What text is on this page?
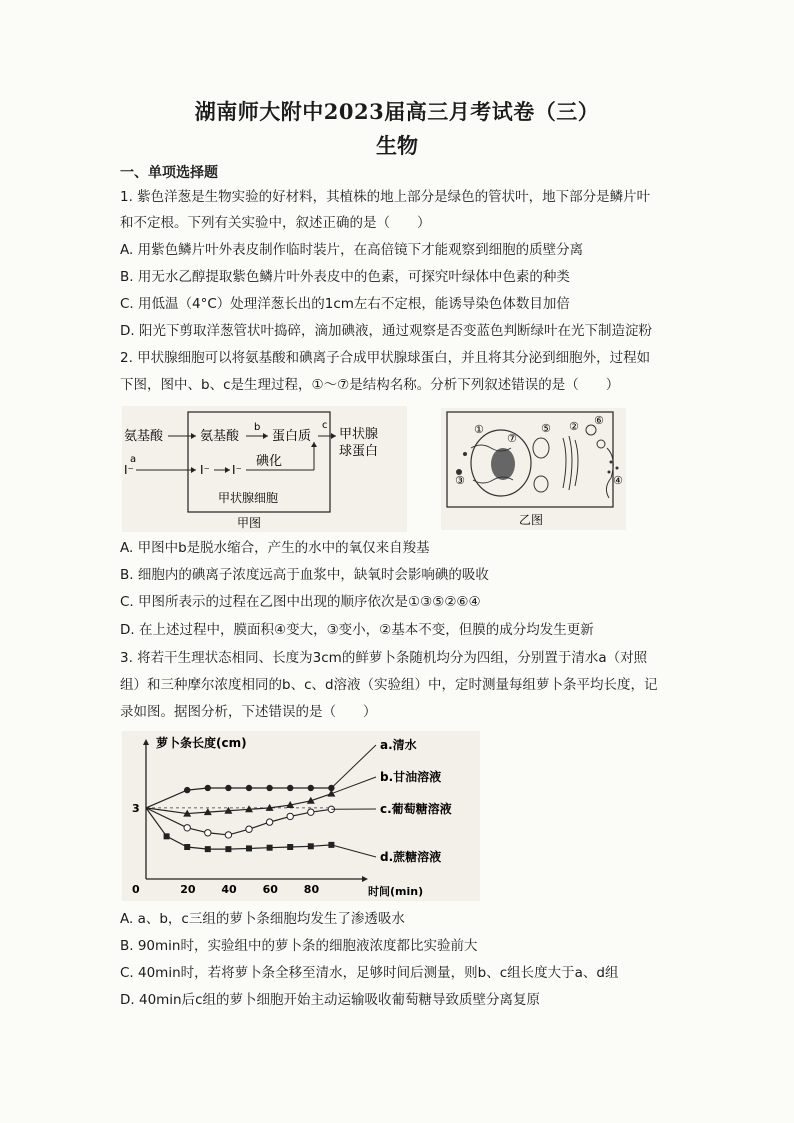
湖南师大附中2023届高三月考试卷（三）
生物
一、单项选择题
1. 紫色洋葱是生物实验的好材料，其植株的地上部分是绿色的管状叶，地下部分是鳞片叶
和不定根。下列有关实验中，叙述正确的是（　　）
A. 用紫色鳞片叶外表皮制作临时装片，在高倍镜下才能观察到细胞的质壁分离
B. 用无水乙醇提取紫色鳞片叶外表皮中的色素，可探究叶绿体中色素的种类
C. 用低温（4°C）处理洋葱长出的1cm左右不定根，能诱导染色体数目加倍
D. 阳光下剪取洋葱管状叶捣碎，滴加碘液，通过观察是否变蓝色判断绿叶在光下制造淀粉
2. 甲状腺细胞可以将氨基酸和碘离子合成甲状腺球蛋白，并且将其分泌到细胞外，过程如
下图，图中、b、c是生理过程，①～⑦是结构名称。分析下列叙述错误的是（　　）
氨基酸	氨基酸
b
蛋白质
c
甲状腺
球蛋白
I⁻
a
I⁻ I⁻
碘化
甲状腺细胞
甲图
①	②
③	④
⑤
⑥
⑦
乙图
A. 甲图中b是脱水缩合，产生的水中的氧仅来自羧基
B. 细胞内的碘离子浓度远高于血浆中，缺氧时会影响碘的吸收
C. 甲图所表示的过程在乙图中出现的顺序依次是①③⑤②⑥④
D. 在上述过程中，膜面积④变大，③变小，②基本不变，但膜的成分均发生更新
3. 将若干生理状态相同、长度为3cm的鲜萝卜条随机均分为四组，分别置于清水a（对照
组）和三种摩尔浓度相同的b、c、d溶液（实验组）中，定时测量每组萝卜条平均长度，记
录如图。据图分析，下述错误的是（　　）
0	20 40 60 80
3
a.清水
b.甘油溶液
c.葡萄糖溶液
d.蔗糖溶液
萝卜条长度(cm)
时间(min)
A. a、b，c三组的萝卜条细胞均发生了渗透吸水
B. 90min时，实验组中的萝卜条的细胞液浓度都比实验前大
C. 40min时，若将萝卜条全移至清水，足够时间后测量，则b、c组长度大于a、d组
D. 40min后c组的萝卜细胞开始主动运输吸收葡萄糖导致质壁分离复原
